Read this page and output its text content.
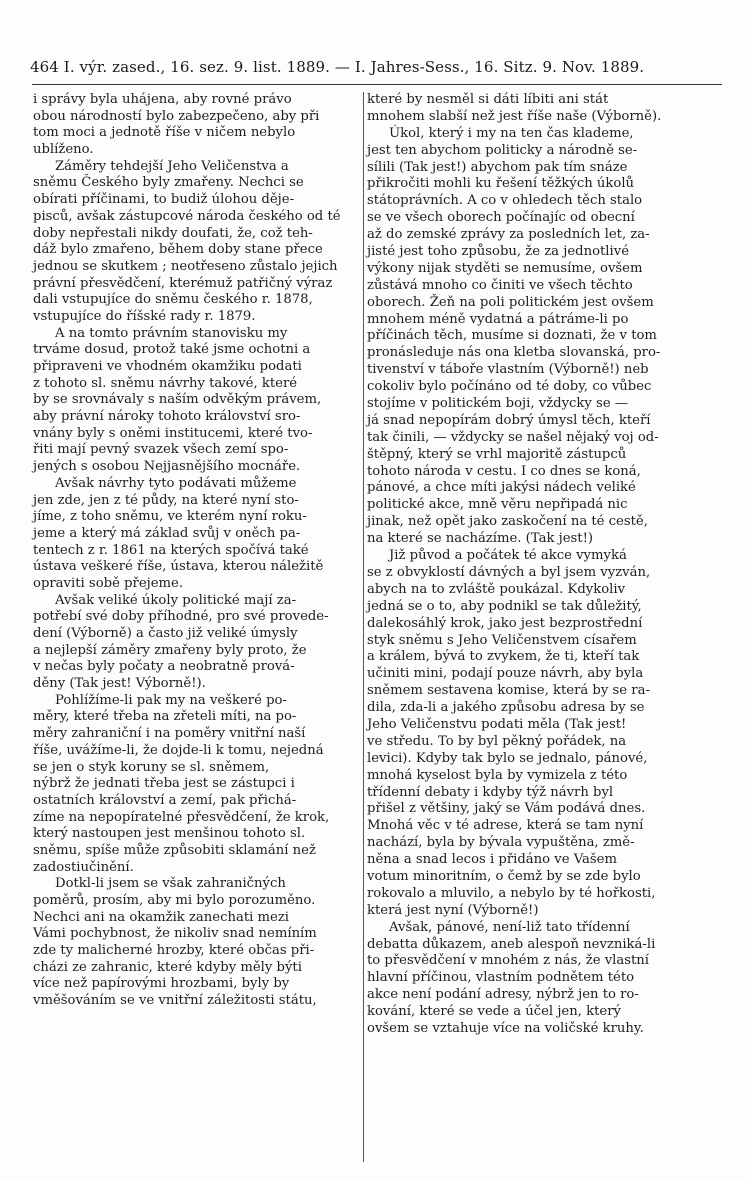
464 I. výr. zased., 16. sez. 9. list. 1889. — I. Jahres-Sess., 16. Sitz. 9. Nov. 1889.
i správy byla uhájena, aby rovné právo
obou národností bylo zabezpečeno, aby při
tom moci a jednotě říše v ničem nebylo
ublíženo.
Záměry tehdejší Jeho Veličenstva a
sněmu Českého byly zmařeny. Nechci se
obírati příčinami, to budiž úlohou děje-
pisců, avšak zástupcové národa českého od té
doby nepřestali nikdy doufati, že, což teh-
dáž bylo zmařeno, během doby stane přece
jednou se skutkem ; neotřeseno zůstalo jejich
právní přesvědčení, kterémuž patřičný výraz
dali vstupujíce do sněmu českého r. 1878,
vstupujíce do říšské rady r. 1879.
A na tomto právním stanovisku my
trváme dosud, protož také jsme ochotni a
připraveni ve vhodném okamžiku podati
z tohoto sl. sněmu návrhy takové, které
by se srovnávaly s naším odvěkým právem,
aby právní nároky tohoto království sro-
vnány byly s oněmi institucemi, které tvo-
řiti mají pevný svazek všech zemí spo-
jených s osobou Nejjasnějšího mocnáře.
Avšak návrhy tyto podávati můžeme
jen zde, jen z té půdy, na které nyní sto-
jíme, z toho sněmu, ve kterém nyní roku-
jeme a který má základ svůj v oněch pa-
tentech z r. 1861 na kterých spočívá také
ústava veškeré říše, ústava, kterou náležitě
opraviti sobě přejeme.
Avšak veliké úkoly politické mají za-
potřebí své doby příhodné, pro své provede-
dení (Výborně) a často již veliké úmysly
a nejlepší záměry zmařeny byly proto, že
v nečas byly počaty a neobratně prová-
děny (Tak jest! Výborně!).
Pohlížíme-li pak my na veškeré po-
měry, které třeba na zřeteli míti, na po-
měry zahraniční i na poměry vnitřní naší
říše, uvážíme-li, že dojde-li k tomu, nejedná
se jen o styk koruny se sl. sněmem,
nýbrž že jednati třeba jest se zástupci i
ostatních království a zemí, pak přichá-
zíme na nepopíratelné přesvědčení, že krok,
který nastoupen jest menšinou tohoto sl.
sněmu, spíše může způsobiti sklamání než
zadostiučinění.
Dotkl-li jsem se však zahraničných
poměrů, prosím, aby mi bylo porozuměno.
Nechci ani na okamžik zanechati mezi
Vámi pochybnost, že nikoliv snad nemíním
zde ty malicherné hrozby, které občas při-
cházi ze zahranic, které kdyby měly býti
více než papírovými hrozbami, byly by
vměšováním se ve vnitřní záležitosti státu,
které by nesměl si dáti líbiti ani stát
mnohem slabší než jest říše naše (Výborně).
Úkol, který i my na ten čas klademe,
jest ten abychom politicky a národně se-
sílili (Tak jest!) abychom pak tím snáze
přikročiti mohli ku řešení těžkých úkolů
státoprávních. A co v ohledech těch stalo
se ve všech oborech počínajíc od obecní
až do zemské zprávy za posledních let, za-
jisté jest toho způsobu, že za jednotlivé
výkony nijak styděti se nemusíme, ovšem
zůstává mnoho co činiti ve všech těchto
oborech. Žeň na poli politickém jest ovšem
mnohem méně vydatná a pátráme-li po
příčinách těch, musíme si doznati, že v tom
pronásleduje nás ona kletba slovanská, pro-
tivenství v táboře vlastním (Výborně!) neb
cokoliv bylo počínáno od té doby, co vůbec
stojíme v politickém boji, vždycky se —
já snad nepopírám dobrý úmysl těch, kteří
tak činili, — vždycky se našel nějaký voj od-
štěpný, který se vrhl majoritě zástupců
tohoto národa v cestu. I co dnes se koná,
pánové, a chce míti jakýsi nádech veliké
politické akce, mně věru nepřipadá nic
jinak, než opět jako zaskočení na té cestě,
na které se nacházíme. (Tak jest!)
Již původ a počátek té akce vymyká
se z obvyklostí dávných a byl jsem vyzván,
abych na to zvláště poukázal. Kdykoliv
jedná se o to, aby podnikl se tak důležitý,
dalekosáhlý krok, jako jest bezprostřední
styk sněmu s Jeho Veličenstvem císařem
a králem, bývá to zvykem, že ti, kteří tak
učiniti mini, podají pouze návrh, aby byla
sněmem sestavena komise, která by se ra-
dila, zda-li a jakého způsobu adresa by se
Jeho Veličenstvu podati měla (Tak jest!
ve středu. To by byl pěkný pořádek, na
levici). Kdyby tak bylo se jednalo, pánové,
mnohá kyselost byla by vymizela z této
třídenní debaty i kdyby týž návrh byl
přišel z většiny, jaký se Vám podává dnes.
Mnohá věc v té adrese, která se tam nyní
nachází, byla by bývala vypuštěna, změ-
něna a snad lecos i přidáno ve Vašem
votum minoritním, o čemž by se zde bylo
rokovalo a mluvilo, a nebylo by té hořkosti,
která jest nyní (Výborně!)
Avšak, pánové, není-liž tato třídenní
debatta důkazem, aneb alespoň nevzniká-li
to přesvědčení v mnohém z nás, že vlastní
hlavní příčinou, vlastním podnětem této
akce není podání adresy, nýbrž jen to ro-
kování, které se vede a účel jen, který
ovšem se vztahuje více na voličské kruhy.
